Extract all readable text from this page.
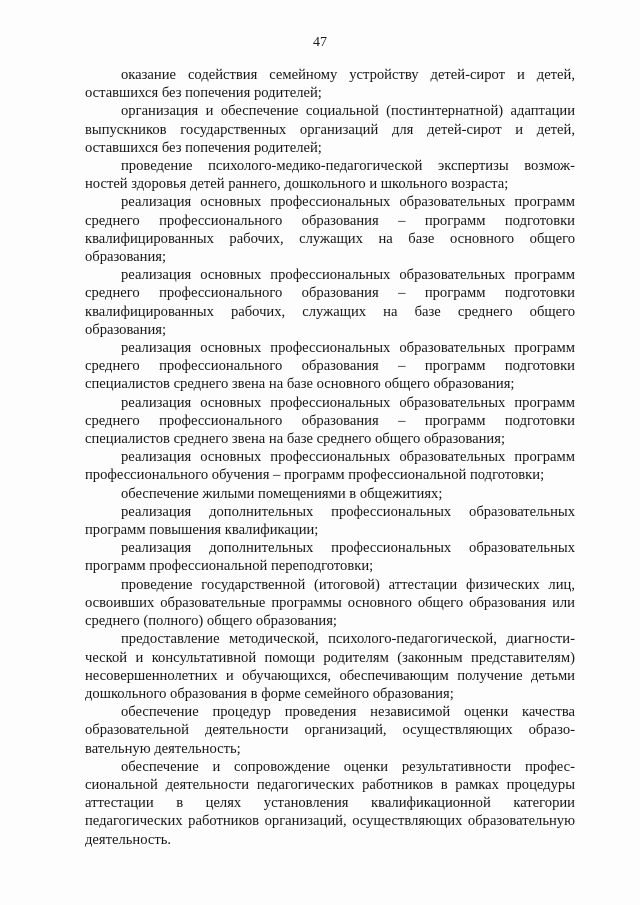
47

оказание содействия семейному устройству детей-сирот и детей, оставшихся без попечения родителей;

организация и обеспечение социальной (постинтернатной) адаптации выпускников государственных организаций для детей-сирот и детей, оставшихся без попечения родителей;

проведение психолого-медико-педагогической экспертизы возможностей здоровья детей раннего, дошкольного и школьного возраста;

реализация основных профессиональных образовательных программ среднего профессионального образования – программ подготовки квалифицированных рабочих, служащих на базе основного общего образования;

реализация основных профессиональных образовательных программ среднего профессионального образования – программ подготовки квалифицированных рабочих, служащих на базе среднего общего образования;

реализация основных профессиональных образовательных программ среднего профессионального образования – программ подготовки специалистов среднего звена на базе основного общего образования;

реализация основных профессиональных образовательных программ среднего профессионального образования – программ подготовки специалистов среднего звена на базе среднего общего образования;

реализация основных профессиональных образовательных программ профессионального обучения – программ профессиональной подготовки;

обеспечение жилыми помещениями в общежитиях;

реализация дополнительных профессиональных образовательных программ повышения квалификации;

реализация дополнительных профессиональных образовательных программ профессиональной переподготовки;

проведение государственной (итоговой) аттестации физических лиц, освоивших образовательные программы основного общего образования или среднего (полного) общего образования;

предоставление методической, психолого-педагогической, диагностической и консультативной помощи родителям (законным представителям) несовершеннолетних и обучающихся, обеспечивающим получение детьми дошкольного образования в форме семейного образования;

обеспечение процедур проведения независимой оценки качества образовательной деятельности организаций, осуществляющих образовательную деятельность;

обеспечение и сопровождение оценки результативности профессиональной деятельности педагогических работников в рамках процедуры аттестации в целях установления квалификационной категории педагогических работников организаций, осуществляющих образовательную деятельность.
